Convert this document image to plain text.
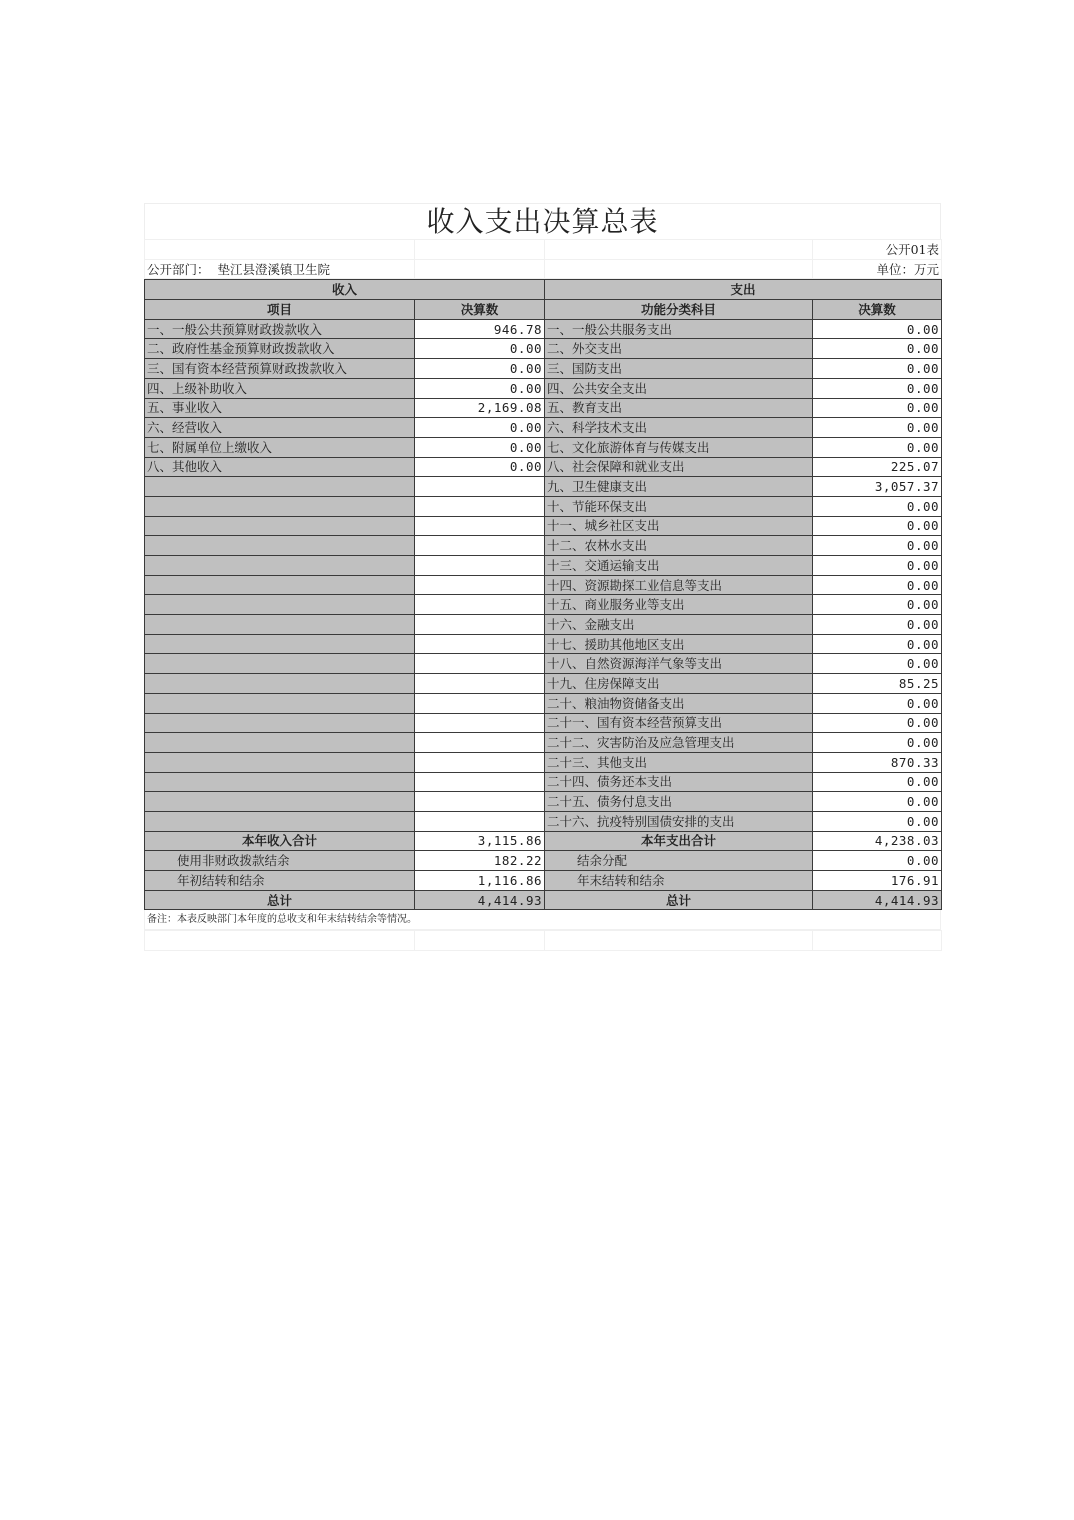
收入支出决算总表
			公开01表
公开部门： 垫江县澄溪镇卫生院			单位：万元
收入		支出	
项目	决算数	功能分类科目	决算数
一、一般公共预算财政拨款收入	946.78	一、一般公共服务支出	0.00
二、政府性基金预算财政拨款收入	0.00	二、外交支出	0.00
三、国有资本经营预算财政拨款收入	0.00	三、国防支出	0.00
四、上级补助收入	0.00	四、公共安全支出	0.00
五、事业收入	2,169.08	五、教育支出	0.00
六、经营收入	0.00	六、科学技术支出	0.00
七、附属单位上缴收入	0.00	七、文化旅游体育与传媒支出	0.00
八、其他收入	0.00	八、社会保障和就业支出	225.07
		九、卫生健康支出	3,057.37
		十、节能环保支出	0.00
		十一、城乡社区支出	0.00
		十二、农林水支出	0.00
		十三、交通运输支出	0.00
		十四、资源勘探工业信息等支出	0.00
		十五、商业服务业等支出	0.00
		十六、金融支出	0.00
		十七、援助其他地区支出	0.00
		十八、自然资源海洋气象等支出	0.00
		十九、住房保障支出	85.25
		二十、粮油物资储备支出	0.00
		二十一、国有资本经营预算支出	0.00
		二十二、灾害防治及应急管理支出	0.00
		二十三、其他支出	870.33
		二十四、债务还本支出	0.00
		二十五、债务付息支出	0.00
		二十六、抗疫特别国债安排的支出	0.00
本年收入合计	3,115.86	本年支出合计	4,238.03
使用非财政拨款结余	182.22	结余分配	0.00
年初结转和结余	1,116.86	年末结转和结余	176.91
总计	4,414.93	总计	4,414.93
备注：本表反映部门本年度的总收支和年末结转结余等情况。
